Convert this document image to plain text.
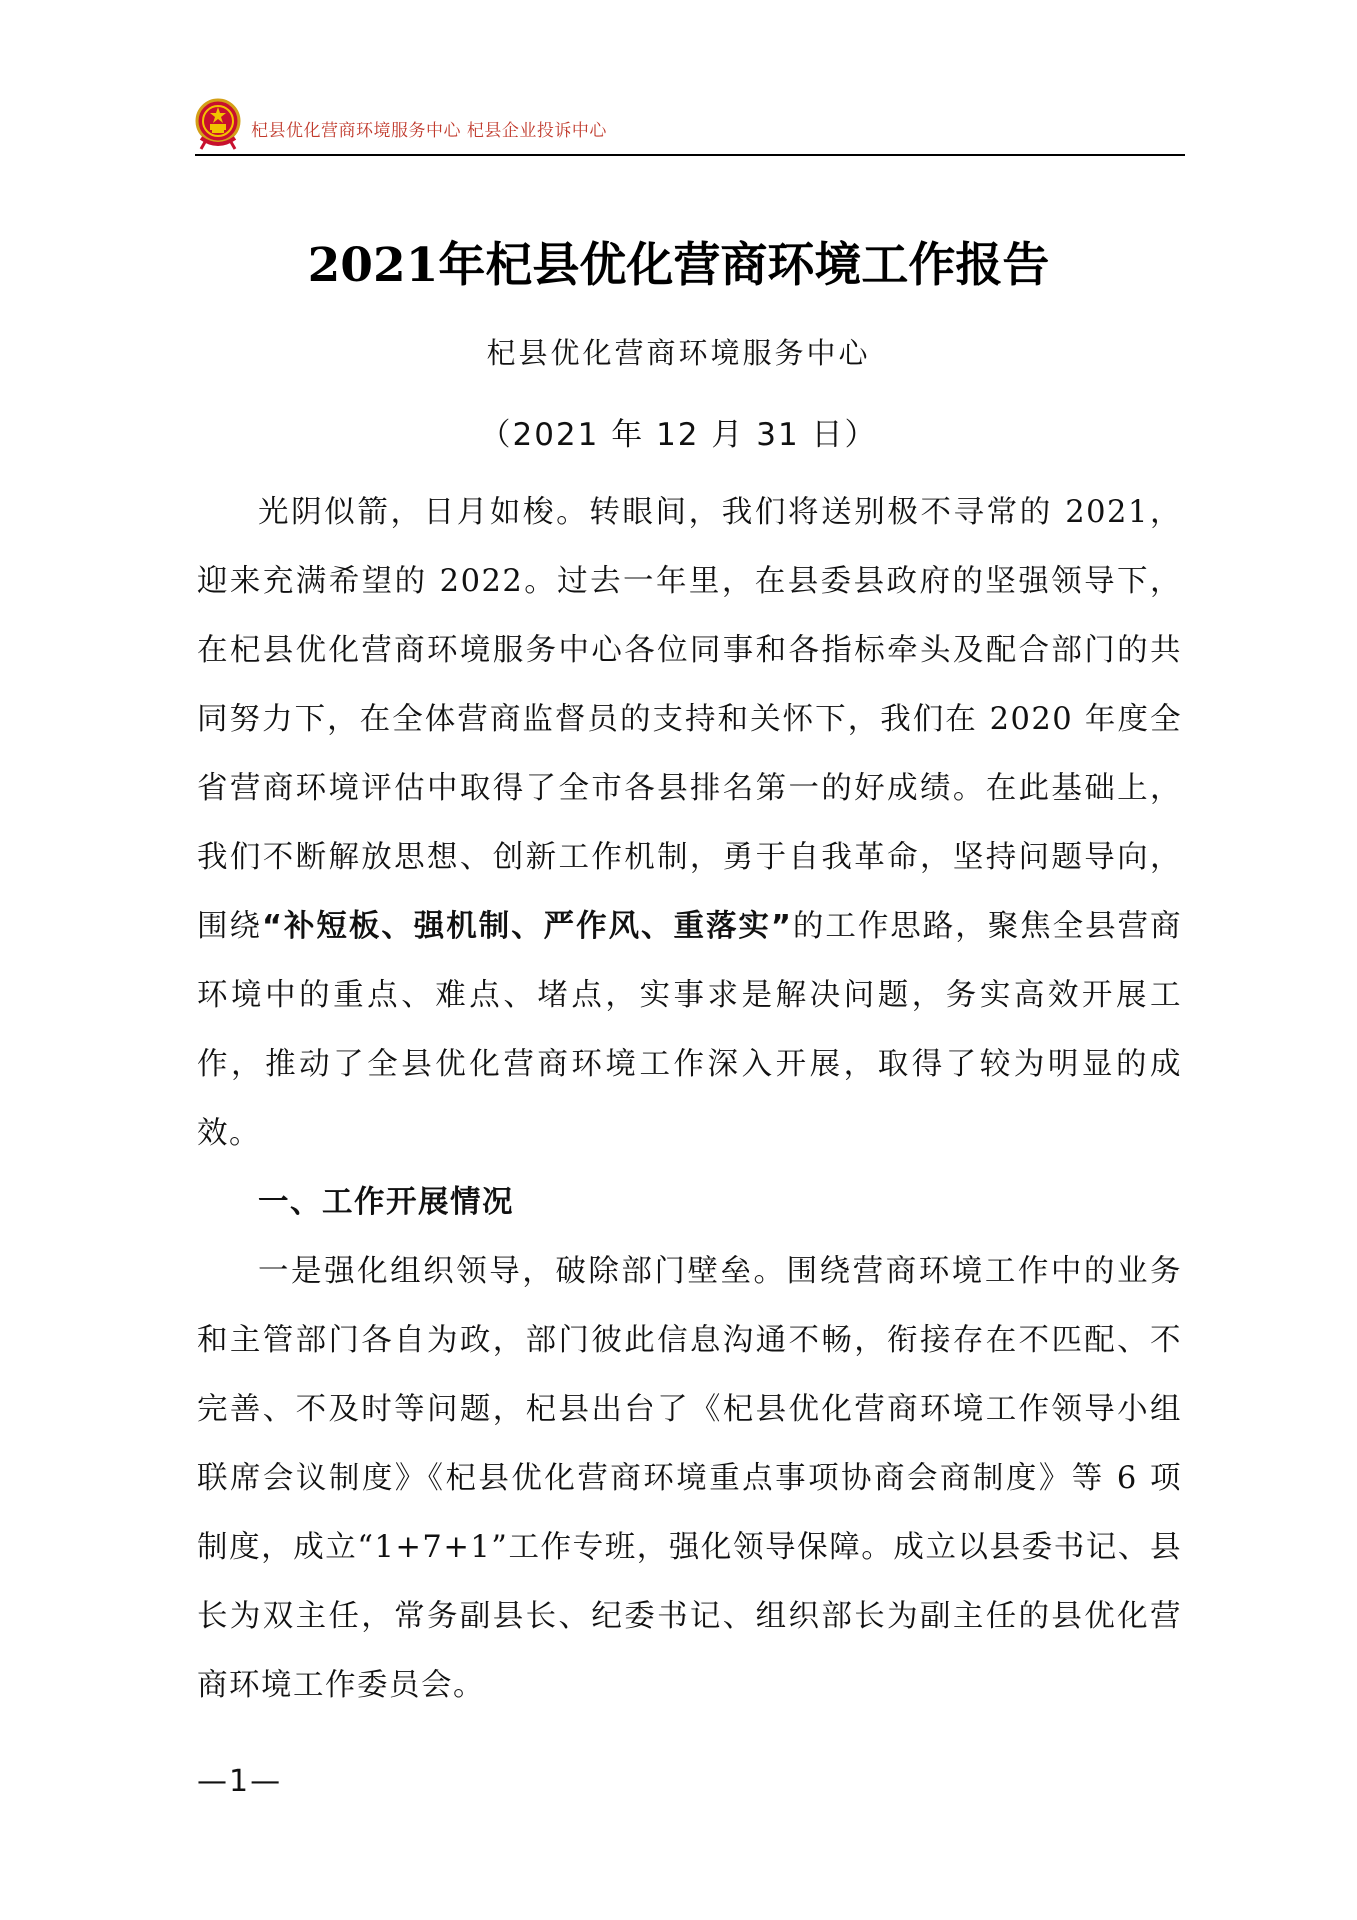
杞县优化营商环境服务中心 杞县企业投诉中心
2021年杞县优化营商环境工作报告
杞县优化营商环境服务中心
（2021 年 12 月 31 日）

光阴似箭，日月如梭。转眼间，我们将送别极不寻常的 2021，迎来充满希望的 2022。过去一年里，在县委县政府的坚强领导下，在杞县优化营商环境服务中心各位同事和各指标牵头及配合部门的共同努力下，在全体营商监督员的支持和关怀下，我们在 2020 年度全省营商环境评估中取得了全市各县排名第一的好成绩。在此基础上，我们不断解放思想、创新工作机制，勇于自我革命，坚持问题导向，围绕“补短板、强机制、严作风、重落实”的工作思路，聚焦全县营商环境中的重点、难点、堵点，实事求是解决问题，务实高效开展工作，推动了全县优化营商环境工作深入开展，取得了较为明显的成效。

一、工作开展情况

一是强化组织领导，破除部门壁垒。围绕营商环境工作中的业务和主管部门各自为政，部门彼此信息沟通不畅，衔接存在不匹配、不完善、不及时等问题，杞县出台了《杞县优化营商环境工作领导小组联席会议制度》《杞县优化营商环境重点事项协商会商制度》等 6 项制度，成立“1+7+1”工作专班，强化领导保障。成立以县委书记、县长为双主任，常务副县长、纪委书记、组织部长为副主任的县优化营商环境工作委员会。

—1—
